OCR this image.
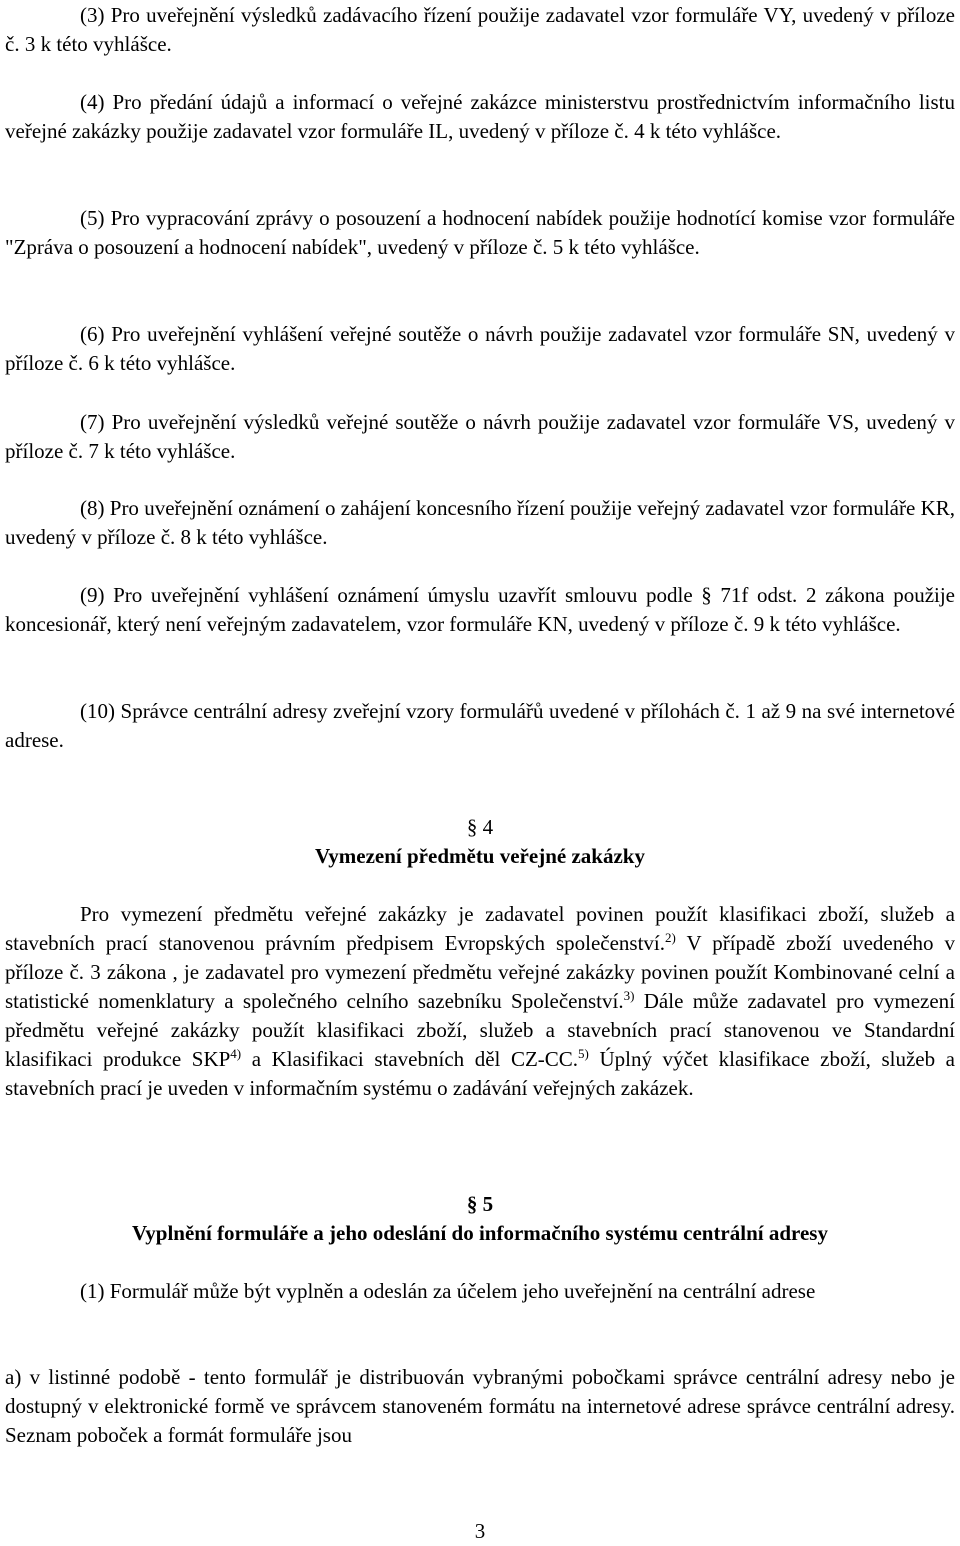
(3) Pro uveřejnění výsledků zadávacího řízení použije zadavatel vzor formuláře VY, uvedený v příloze č. 3 k této vyhlášce.

(4) Pro předání údajů a informací o veřejné zakázce ministerstvu prostřednictvím informačního listu veřejné zakázky použije zadavatel vzor formuláře IL, uvedený v příloze č. 4 k této vyhlášce.

(5) Pro vypracování zprávy o posouzení a hodnocení nabídek použije hodnotící komise vzor formuláře "Zpráva o posouzení a hodnocení nabídek", uvedený v příloze č. 5 k této vyhlášce.

(6) Pro uveřejnění vyhlášení veřejné soutěže o návrh použije zadavatel vzor formuláře SN, uvedený v příloze č. 6 k této vyhlášce.

(7) Pro uveřejnění výsledků veřejné soutěže o návrh použije zadavatel vzor formuláře VS, uvedený v příloze č. 7 k této vyhlášce.

(8) Pro uveřejnění oznámení o zahájení koncesního řízení použije veřejný zadavatel vzor formuláře KR, uvedený v příloze č. 8 k této vyhlášce.

(9) Pro uveřejnění vyhlášení oznámení úmyslu uzavřít smlouvu podle § 71f odst. 2 zákona použije koncesionář, který není veřejným zadavatelem, vzor formuláře KN, uvedený v příloze č. 9 k této vyhlášce.

(10) Správce centrální adresy zveřejní vzory formulářů uvedené v přílohách č. 1 až 9 na své internetové adrese.

§ 4
Vymezení předmětu veřejné zakázky

Pro vymezení předmětu veřejné zakázky je zadavatel povinen použít klasifikaci zboží, služeb a stavebních prací stanovenou právním předpisem Evropských společenství.$^{2)}$ V případě zboží uvedeného v příloze č. 3 zákona , je zadavatel pro vymezení předmětu veřejné zakázky povinen použít Kombinované celní a statistické nomenklatury a společného celního sazebníku Společenství.$^{3)}$ Dále může zadavatel pro vymezení předmětu veřejné zakázky použít klasifikaci zboží, služeb a stavebních prací stanovenou ve Standardní klasifikaci produkce SKP$^{4)}$ a Klasifikaci stavebních děl CZ-CC.$^{5)}$ Úplný výčet klasifikace zboží, služeb a stavebních prací je uveden v informačním systému o zadávání veřejných zakázek.

§ 5
Vyplnění formuláře a jeho odeslání do informačního systému centrální adresy

(1) Formulář může být vyplněn a odeslán za účelem jeho uveřejnění na centrální adrese

a) v listinné podobě - tento formulář je distribuován vybranými pobočkami správce centrální adresy nebo je dostupný v elektronické formě ve správcem stanoveném formátu na internetové adrese správce centrální adresy. Seznam poboček a formát formuláře jsou

3
